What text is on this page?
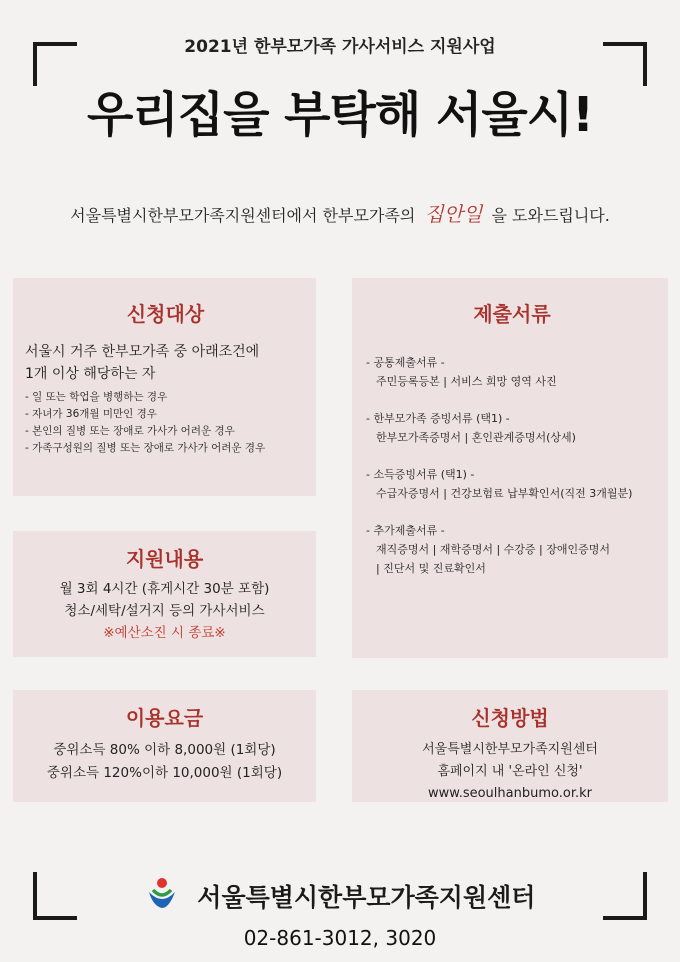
2021년 한부모가족 가사서비스 지원사업
우리집을 부탁해 서울시!
서울특별시한부모가족지원센터에서 한부모가족의 집안일 을 도와드립니다.
신청대상
서울시 거주 한부모가족 중 아래조건에
1개 이상 해당하는 자
- 일 또는 학업을 병행하는 경우
- 자녀가 36개월 미만인 경우
- 본인의 질병 또는 장애로 가사가 어려운 경우
- 가족구성원의 질병 또는 장애로 가사가 어려운 경우
지원내용
월 3회 4시간 (휴게시간 30분 포함)
청소/세탁/설거지 등의 가사서비스
※예산소진 시 종료※
이용요금
중위소득 80% 이하 8,000원 (1회당)
중위소득 120%이하 10,000원 (1회당)
제출서류
- 공통제출서류 -
주민등록등본 | 서비스 희망 영역 사진
- 한부모가족 증빙서류 (택1) -
한부모가족증명서 | 혼인관계증명서(상세)
- 소득증빙서류 (택1) -
수급자증명서 | 건강보험료 납부확인서(직전 3개월분)
- 추가제출서류 -
재직증명서 | 재학증명서 | 수강증 | 장애인증명서
| 진단서 및 진료확인서
신청방법
서울특별시한부모가족지원센터
홈페이지 내 '온라인 신청'
www.seoulhanbumo.or.kr
서울특별시한부모가족지원센터
02-861-3012, 3020
